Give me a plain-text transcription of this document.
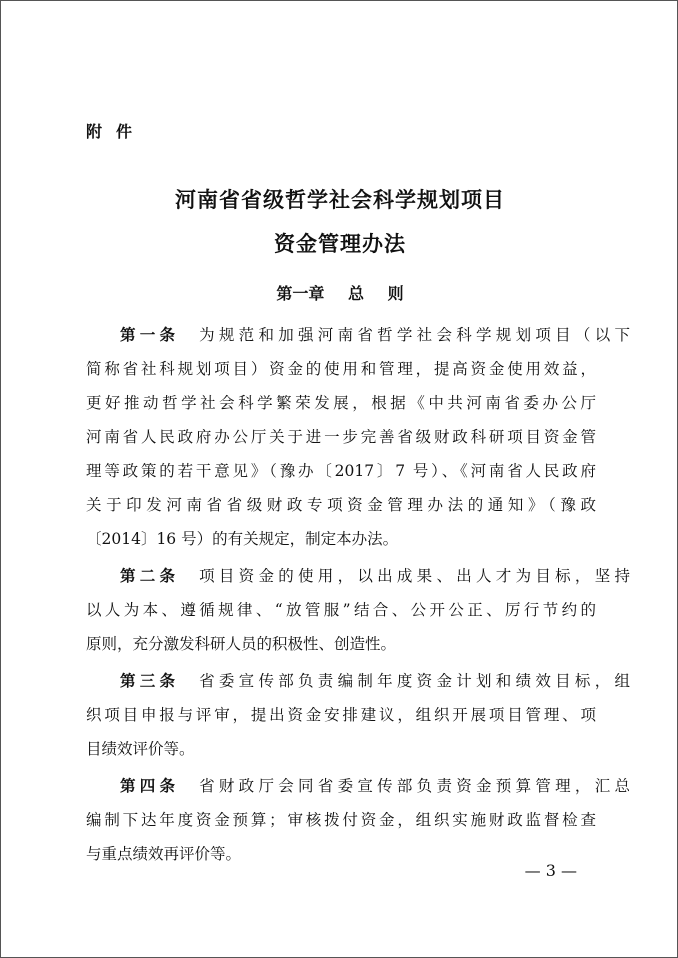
附件
河南省省级哲学社会科学规划项目
资金管理办法
第一章 总 则
第一条　 为规范和加强河南省哲学社会科学规划项目（以下
简称省社科规划项目）资金的使用和管理，提高资金使用效益，
更好推动哲学社会科学繁荣发展，根据《中共河南省委办公厅
河南省人民政府办公厅关于进一步完善省级财政科研项目资金管
理等政策的若干意见》（豫办〔2017〕7 号）、《河南省人民政府
关于印发河南省省级财政专项资金管理办法的通知》（豫政
〔2014〕16 号）的有关规定，制定本办法。
第二条　 项目资金的使用，以出成果、出人才为目标，坚持
以人为本、遵循规律、“放管服”结合、公开公正、厉行节约的
原则，充分激发科研人员的积极性、创造性。
第三条　 省委宣传部负责编制年度资金计划和绩效目标，组
织项目申报与评审，提出资金安排建议，组织开展项目管理、项
目绩效评价等。
第四条　 省财政厅会同省委宣传部负责资金预算管理，汇总
编制下达年度资金预算；审核拨付资金，组织实施财政监督检查
与重点绩效再评价等。
— 3 —
